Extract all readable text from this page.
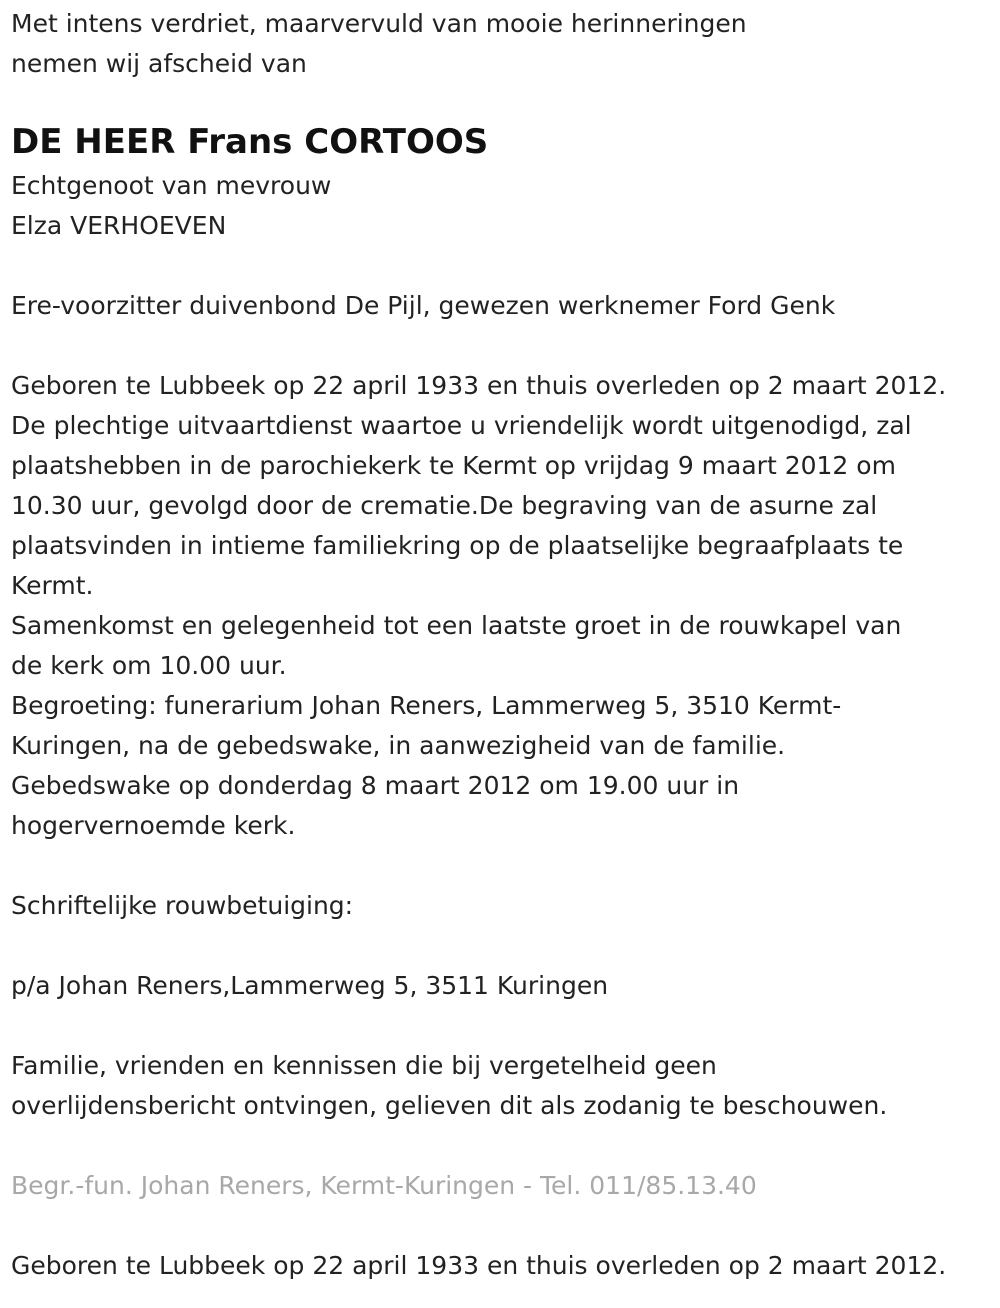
Met intens verdriet, maarvervuld van mooie herinneringen
nemen wij afscheid van
DE HEER Frans CORTOOS
Echtgenoot van mevrouw
Elza VERHOEVEN
Ere-voorzitter duivenbond De Pijl, gewezen werknemer Ford Genk
Geboren te Lubbeek op 22 april 1933 en thuis overleden op 2 maart 2012.
De plechtige uitvaartdienst waartoe u vriendelijk wordt uitgenodigd, zal
plaatshebben in de parochiekerk te Kermt op vrijdag 9 maart 2012 om
10.30 uur, gevolgd door de crematie.De begraving van de asurne zal
plaatsvinden in intieme familiekring op de plaatselijke begraafplaats te
Kermt.
Samenkomst en gelegenheid tot een laatste groet in de rouwkapel van
de kerk om 10.00 uur.
Begroeting: funerarium Johan Reners, Lammerweg 5, 3510 Kermt-
Kuringen, na de gebedswake, in aanwezigheid van de familie.
Gebedswake op donderdag 8 maart 2012 om 19.00 uur in
hogervernoemde kerk.
Schriftelijke rouwbetuiging:
p/a Johan Reners,Lammerweg 5, 3511 Kuringen
Familie, vrienden en kennissen die bij vergetelheid geen
overlijdensbericht ontvingen, gelieven dit als zodanig te beschouwen.
Begr.-fun. Johan Reners, Kermt-Kuringen - Tel. 011/85.13.40
Geboren te Lubbeek op 22 april 1933 en thuis overleden op 2 maart 2012.
